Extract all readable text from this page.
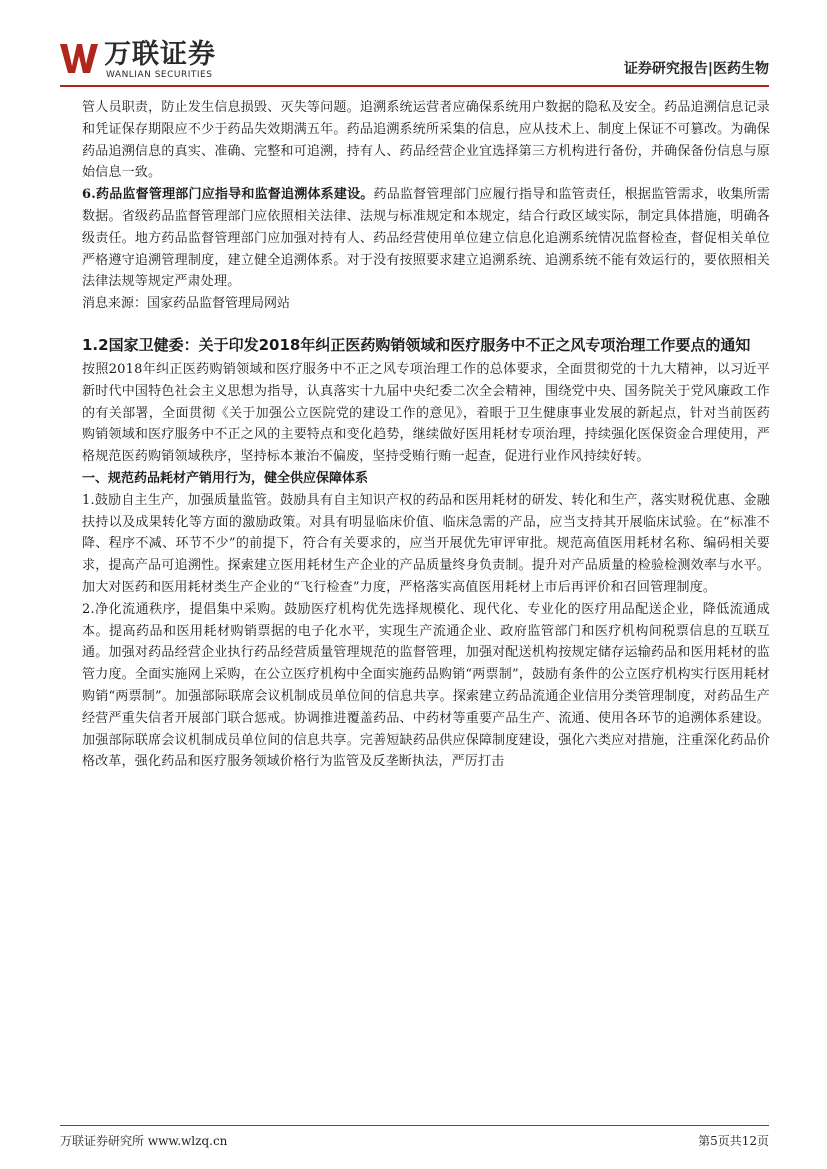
万联证券
WANLIAN SECURITIES	证券研究报告|医药生物

管人员职责，防止发生信息损毁、灭失等问题。追溯系统运营者应确保系统用户数据的隐私及安全。药品追溯信息记录和凭证保存期限应不少于药品失效期满五年。药品追溯系统所采集的信息，应从技术上、制度上保证不可篡改。为确保药品追溯信息的真实、准确、完整和可追溯，持有人、药品经营企业宜选择第三方机构进行备份，并确保备份信息与原始信息一致。

6.药品监督管理部门应指导和监督追溯体系建设。药品监督管理部门应履行指导和监管责任，根据监管需求，收集所需数据。省级药品监督管理部门应依照相关法律、法规与标准规定和本规定，结合行政区域实际，制定具体措施，明确各级责任。地方药品监督管理部门应加强对持有人、药品经营使用单位建立信息化追溯系统情况监督检查，督促相关单位严格遵守追溯管理制度，建立健全追溯体系。对于没有按照要求建立追溯系统、追溯系统不能有效运行的，要依照相关法律法规等规定严肃处理。

消息来源：国家药品监督管理局网站

1.2国家卫健委：关于印发2018年纠正医药购销领域和医疗服务中不正之风专项治理工作要点的通知

按照2018年纠正医药购销领域和医疗服务中不正之风专项治理工作的总体要求，全面贯彻党的十九大精神，以习近平新时代中国特色社会主义思想为指导，认真落实十九届中央纪委二次全会精神，围绕党中央、国务院关于党风廉政工作的有关部署，全面贯彻《关于加强公立医院党的建设工作的意见》，着眼于卫生健康事业发展的新起点，针对当前医药购销领域和医疗服务中不正之风的主要特点和变化趋势，继续做好医用耗材专项治理，持续强化医保资金合理使用，严格规范医药购销领域秩序，坚持标本兼治不偏废，坚持受贿行贿一起查，促进行业作风持续好转。

一、规范药品耗材产销用行为，健全供应保障体系

1.鼓励自主生产，加强质量监管。鼓励具有自主知识产权的药品和医用耗材的研发、转化和生产，落实财税优惠、金融扶持以及成果转化等方面的激励政策。对具有明显临床价值、临床急需的产品，应当支持其开展临床试验。在“标准不降、程序不减、环节不少”的前提下，符合有关要求的，应当开展优先审评审批。规范高值医用耗材名称、编码相关要求，提高产品可追溯性。探索建立医用耗材生产企业的产品质量终身负责制。提升对产品质量的检验检测效率与水平。加大对医药和医用耗材类生产企业的“飞行检查”力度，严格落实高值医用耗材上市后再评价和召回管理制度。

2.净化流通秩序，提倡集中采购。鼓励医疗机构优先选择规模化、现代化、专业化的医疗用品配送企业，降低流通成本。提高药品和医用耗材购销票据的电子化水平，实现生产流通企业、政府监管部门和医疗机构间税票信息的互联互通。加强对药品经营企业执行药品经营质量管理规范的监督管理，加强对配送机构按规定储存运输药品和医用耗材的监管力度。全面实施网上采购，在公立医疗机构中全面实施药品购销“两票制”，鼓励有条件的公立医疗机构实行医用耗材购销“两票制”。加强部际联席会议机制成员单位间的信息共享。探索建立药品流通企业信用分类管理制度，对药品生产经营严重失信者开展部门联合惩戒。协调推进覆盖药品、中药材等重要产品生产、流通、使用各环节的追溯体系建设。加强部际联席会议机制成员单位间的信息共享。完善短缺药品供应保障制度建设，强化六类应对措施，注重深化药品价格改革，强化药品和医疗服务领域价格行为监管及反垄断执法，严厉打击

万联证券研究所 www.wlzq.cn	第5页共12页
